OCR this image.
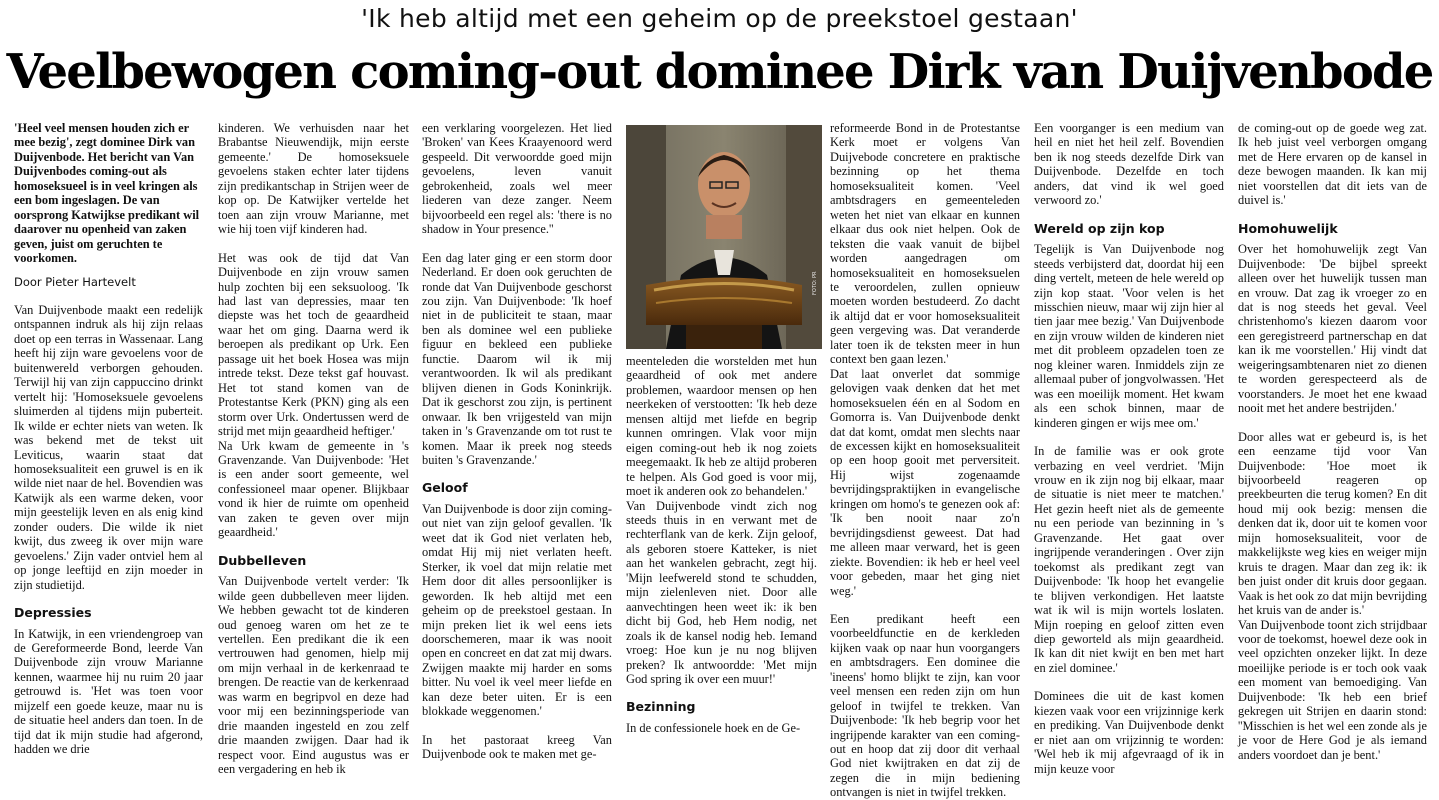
'Ik heb altijd met een geheim op de preekstoel gestaan'
Veelbewogen coming-out dominee Dirk van Duijvenbode

'Heel veel mensen houden zich er mee bezig', zegt dominee Dirk van Duijvenbode. Het bericht van Van Duijvenbodes coming-out als homoseksueel is in veel kringen als een bom ingeslagen. De van oorsprong Katwijkse predikant wil daarover nu openheid van zaken geven, juist om geruchten te voorkomen.

Door Pieter Hartevelt

Van Duijvenbode maakt een redelijk ontspannen indruk als hij zijn relaas doet op een terras in Wassenaar. Lang heeft hij zijn ware gevoelens voor de buitenwereld verborgen gehouden. Terwijl hij van zijn cappuccino drinkt vertelt hij: 'Homoseksuele gevoelens sluimerden al tijdens mijn puberteit. Ik wilde er echter niets van weten. Ik was bekend met de tekst uit Leviticus, waarin staat dat homoseksualiteit een gruwel is en ik wilde niet naar de hel. Bovendien was Katwijk als een warme deken, voor mijn geestelijk leven en als enig kind zonder ouders. Die wilde ik niet kwijt, dus zweeg ik over mijn ware gevoelens.' Zijn vader ontviel hem al op jonge leeftijd en zijn moeder in zijn studietijd.

Depressies

In Katwijk, in een vriendengroep van de Gereformeerde Bond, leerde Van Duijvenbode zijn vrouw Marianne kennen, waarmee hij nu ruim 20 jaar getrouwd is. 'Het was toen voor mijzelf een goede keuze, maar nu is de situatie heel anders dan toen. In de tijd dat ik mijn studie had afgerond, hadden we drie

kinderen. We verhuisden naar het Brabantse Nieuwendijk, mijn eerste gemeente.' De homoseksuele gevoelens staken echter later tijdens zijn predikantschap in Strijen weer de kop op. De Katwijker vertelde het toen aan zijn vrouw Marianne, met wie hij toen vijf kinderen had.

Het was ook de tijd dat Van Duijvenbode en zijn vrouw samen hulp zochten bij een seksuoloog. 'Ik had last van depressies, maar ten diepste was het toch de geaardheid waar het om ging. Daarna werd ik beroepen als predikant op Urk. Een passage uit het boek Hosea was mijn intrede tekst. Deze tekst gaf houvast. Het tot stand komen van de Protestantse Kerk (PKN) ging als een storm over Urk. Ondertussen werd de strijd met mijn geaardheid heftiger.'
Na Urk kwam de gemeente in 's Gravenzande. Van Duijvenbode: 'Het is een ander soort gemeente, wel confessioneel maar opener. Blijkbaar vond ik hier de ruimte om openheid van zaken te geven over mijn geaardheid.'

Dubbelleven

Van Duijvenbode vertelt verder: 'Ik wilde geen dubbelleven meer lijden. We hebben gewacht tot de kinderen oud genoeg waren om het ze te vertellen. Een predikant die ik een vertrouwen had genomen, hielp mij om mijn verhaal in de kerkenraad te brengen. De reactie van de kerkenraad was warm en begripvol en deze had voor mij een bezinningsperiode van drie maanden ingesteld en zou zelf drie maanden zwijgen. Daar had ik respect voor. Eind augustus was er een vergadering en heb ik

een verklaring voorgelezen. Het lied 'Broken' van Kees Kraayenoord werd gespeeld. Dit verwoordde goed mijn gevoelens, leven vanuit gebrokenheid, zoals wel meer liederen van deze zanger. Neem bijvoorbeeld een regel als: 'there is no shadow in Your presence.''

Een dag later ging er een storm door Nederland. Er doen ook geruchten de ronde dat Van Duijvenbode geschorst zou zijn. Van Duijvenbode: 'Ik hoef niet in de publiciteit te staan, maar ben als dominee wel een publieke figuur en bekleed een publieke functie. Daarom wil ik mij verantwoorden. Ik wil als predikant blijven dienen in Gods Koninkrijk. Dat ik geschorst zou zijn, is pertinent onwaar. Ik ben vrijgesteld van mijn taken in 's Gravenzande om tot rust te komen. Maar ik preek nog steeds buiten 's Gravenzande.'

Geloof

Van Duijvenbode is door zijn coming-out niet van zijn geloof gevallen. 'Ik weet dat ik God niet verlaten heb, omdat Hij mij niet verlaten heeft. Sterker, ik voel dat mijn relatie met Hem door dit alles persoonlijker is geworden. Ik heb altijd met een geheim op de preekstoel gestaan. In mijn preken liet ik wel eens iets doorschemeren, maar ik was nooit open en concreet en dat zat mij dwars. Zwijgen maakte mij harder en soms bitter. Nu voel ik veel meer liefde en kan deze beter uiten. Er is een blokkade weggenomen.'

In het pastoraat kreeg Van Duijvenbode ook te maken met ge-

FOTO: PR

meenteleden die worstelden met hun geaardheid of ook met andere problemen, waardoor mensen op hen neerkeken of verstootten: 'Ik heb deze mensen altijd met liefde en begrip kunnen omringen. Vlak voor mijn eigen coming-out heb ik nog zoiets meegemaakt. Ik heb ze altijd proberen te helpen. Als God goed is voor mij, moet ik anderen ook zo behandelen.'
Van Duijvenbode vindt zich nog steeds thuis in en verwant met de rechterflank van de kerk. Zijn geloof, als geboren stoere Katteker, is niet aan het wankelen gebracht, zegt hij. 'Mijn leefwereld stond te schudden, mijn zielenleven niet. Door alle aanvechtingen heen weet ik: ik ben dicht bij God, heb Hem nodig, net zoals ik de kansel nodig heb. Iemand vroeg: Hoe kun je nu nog blijven preken? Ik antwoordde: 'Met mijn God spring ik over een muur!'

Bezinning

In de confessionele hoek en de Ge-

reformeerde Bond in de Protestantse Kerk moet er volgens Van Duijvebode concretere en praktische bezinning op het thema homoseksualiteit komen. 'Veel ambtsdragers en gemeenteleden weten het niet van elkaar en kunnen elkaar dus ook niet helpen. Ook de teksten die vaak vanuit de bijbel worden aangedragen om homoseksualiteit en homoseksuelen te veroordelen, zullen opnieuw moeten worden bestudeerd. Zo dacht ik altijd dat er voor homoseksualiteit geen vergeving was. Dat veranderde later toen ik de teksten meer in hun context ben gaan lezen.'
Dat laat onverlet dat sommige gelovigen vaak denken dat het met homoseksuelen één en al Sodom en Gomorra is. Van Duijvenbode denkt dat dat komt, omdat men slechts naar de excessen kijkt en homoseksualiteit op een hoop gooit met perversiteit. Hij wijst zogenaamde bevrijdingspraktijken in evangelische kringen om homo's te genezen ook af: 'Ik ben nooit naar zo'n bevrijdingsdienst geweest. Dat had me alleen maar verward, het is geen ziekte. Bovendien: ik heb er heel veel voor gebeden, maar het ging niet weg.'

Een predikant heeft een voorbeeldfunctie en de kerkleden kijken vaak op naar hun voorgangers en ambtsdragers. Een dominee die 'ineens' homo blijkt te zijn, kan voor veel mensen een reden zijn om hun geloof in twijfel te trekken. Van Duijvenbode: 'Ik heb begrip voor het ingrijpende karakter van een coming-out en hoop dat zij door dit verhaal God niet kwijtraken en dat zij de zegen die in mijn bediening ontvangen is niet in twijfel trekken.

Een voorganger is een medium van heil en niet het heil zelf. Bovendien ben ik nog steeds dezelfde Dirk van Duijvenbode. Dezelfde en toch anders, dat vind ik wel goed verwoord zo.'

Wereld op zijn kop

Tegelijk is Van Duijvenbode nog steeds verbijsterd dat, doordat hij een ding vertelt, meteen de hele wereld op zijn kop staat. 'Voor velen is het misschien nieuw, maar wij zijn hier al tien jaar mee bezig.' Van Duijvenbode en zijn vrouw wilden de kinderen niet met dit probleem opzadelen toen ze nog kleiner waren. Inmiddels zijn ze allemaal puber of jongvolwassen. 'Het was een moeilijk moment. Het kwam als een schok binnen, maar de kinderen gingen er wijs mee om.'

In de familie was er ook grote verbazing en veel verdriet. 'Mijn vrouw en ik zijn nog bij elkaar, maar de situatie is niet meer te matchen.' Het gezin heeft niet als de gemeente nu een periode van bezinning in 's Gravenzande. Het gaat over ingrijpende veranderingen . Over zijn toekomst als predikant zegt van Duijvenbode: 'Ik hoop het evangelie te blijven verkondigen. Het laatste wat ik wil is mijn wortels loslaten. Mijn roeping en geloof zitten even diep geworteld als mijn geaardheid. Ik kan dit niet kwijt en ben met hart en ziel dominee.'

Dominees die uit de kast komen kiezen vaak voor een vrijzinnige kerk en prediking. Van Duijvenbode denkt er niet aan om vrijzinnig te worden: 'Wel heb ik mij afgevraagd of ik in mijn keuze voor

de coming-out op de goede weg zat. Ik heb juist veel verborgen omgang met de Here ervaren op de kansel in deze bewogen maanden. Ik kan mij niet voorstellen dat dit iets van de duivel is.'

Homohuwelijk

Over het homohuwelijk zegt Van Duijvenbode: 'De bijbel spreekt alleen over het huwelijk tussen man en vrouw. Dat zag ik vroeger zo en dat is nog steeds het geval. Veel christenhomo's kiezen daarom voor een geregistreerd partnerschap en dat kan ik me voorstellen.' Hij vindt dat weigeringsambtenaren niet zo dienen te worden gerespecteerd als de voorstanders. Je moet het ene kwaad nooit met het andere bestrijden.'

Door alles wat er gebeurd is, is het een eenzame tijd voor Van Duijvenbode: 'Hoe moet ik bijvoorbeeld reageren op preekbeurten die terug komen? En dit houd mij ook bezig: mensen die denken dat ik, door uit te komen voor mijn homoseksualiteit, voor de makkelijkste weg kies en weiger mijn kruis te dragen. Maar dan zeg ik: ik ben juist onder dit kruis door gegaan. Vaak is het ook zo dat mijn bevrijding het kruis van de ander is.'
Van Duijvenbode toont zich strijdbaar voor de toekomst, hoewel deze ook in veel opzichten onzeker lijkt. In deze moeilijke periode is er toch ook vaak een moment van bemoediging. Van Duijvenbode: 'Ik heb een brief gekregen uit Strijen en daarin stond: ''Misschien is het wel een zonde als je je voor de Here God je als iemand anders voordoet dan je bent.'
